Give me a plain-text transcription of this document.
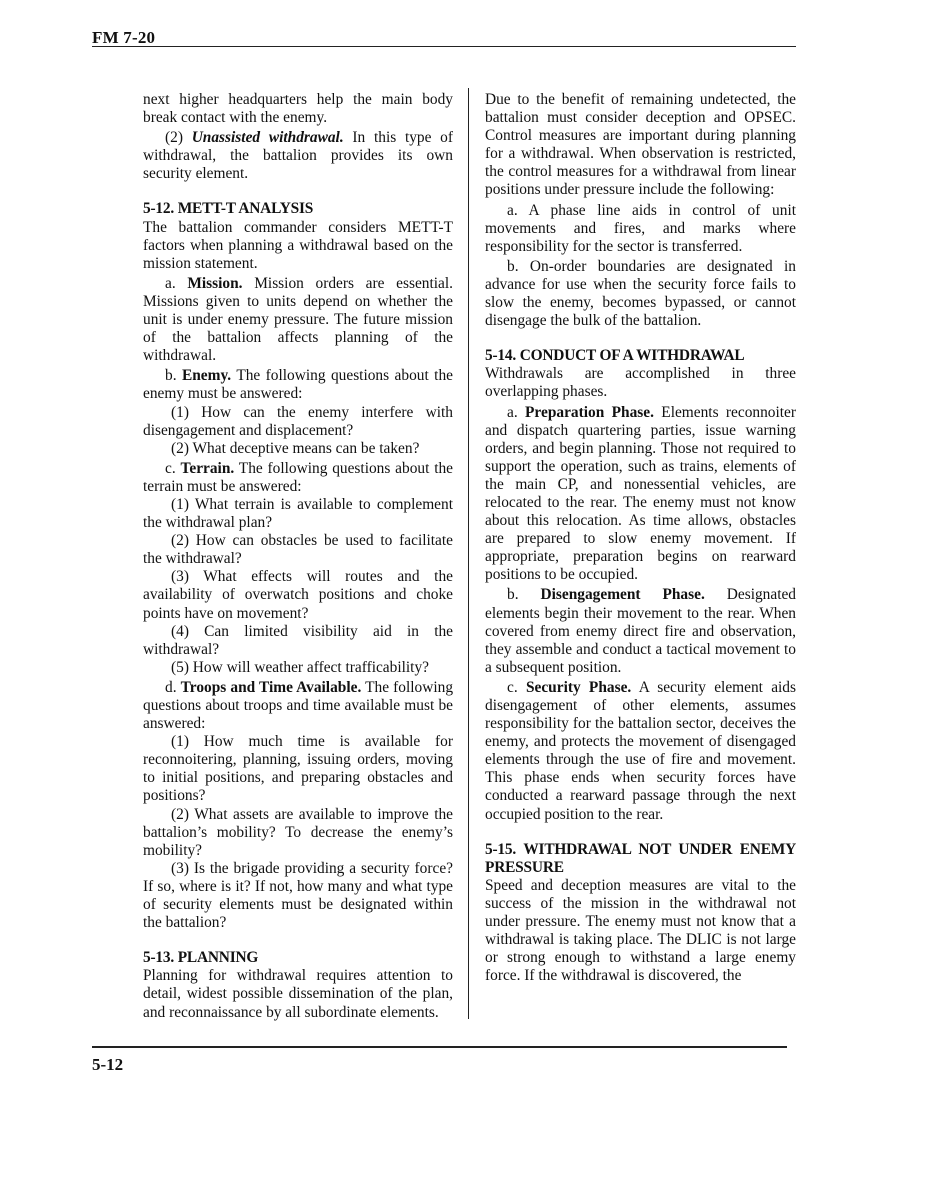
FM 7-20

next higher headquarters help the main body break contact with the enemy.

(2) Unassisted withdrawal. In this type of withdrawal, the battalion provides its own security element.

5-12. METT-T ANALYSIS

The battalion commander considers METT-T factors when planning a withdrawal based on the mission statement.

a. Mission. Mission orders are essential. Missions given to units depend on whether the unit is under enemy pressure. The future mission of the battalion affects planning of the withdrawal.

b. Enemy. The following questions about the enemy must be answered:

(1) How can the enemy interfere with disengagement and displacement?

(2) What deceptive means can be taken?

c. Terrain. The following questions about the terrain must be answered:

(1) What terrain is available to complement the withdrawal plan?

(2) How can obstacles be used to facilitate the withdrawal?

(3) What effects will routes and the availability of overwatch positions and choke points have on movement?

(4) Can limited visibility aid in the withdrawal?

(5) How will weather affect trafficability?

d. Troops and Time Available. The following questions about troops and time available must be answered:

(1) How much time is available for reconnoitering, planning, issuing orders, moving to initial positions, and preparing obstacles and positions?

(2) What assets are available to improve the battalion’s mobility? To decrease the enemy’s mobility?

(3) Is the brigade providing a security force? If so, where is it? If not, how many and what type of security elements must be designated within the battalion?

5-13. PLANNING

Planning for withdrawal requires attention to detail, widest possible dissemination of the plan, and reconnaissance by all subordinate elements.

Due to the benefit of remaining undetected, the battalion must consider deception and OPSEC. Control measures are important during planning for a withdrawal. When observation is restricted, the control measures for a withdrawal from linear positions under pressure include the following:

a. A phase line aids in control of unit movements and fires, and marks where responsibility for the sector is transferred.

b. On-order boundaries are designated in advance for use when the security force fails to slow the enemy, becomes bypassed, or cannot disengage the bulk of the battalion.

5-14. CONDUCT OF A WITHDRAWAL

Withdrawals are accomplished in three overlapping phases.

a. Preparation Phase. Elements reconnoiter and dispatch quartering parties, issue warning orders, and begin planning. Those not required to support the operation, such as trains, elements of the main CP, and nonessential vehicles, are relocated to the rear. The enemy must not know about this relocation. As time allows, obstacles are prepared to slow enemy movement. If appropriate, preparation begins on rearward positions to be occupied.

b. Disengagement Phase. Designated elements begin their movement to the rear. When covered from enemy direct fire and observation, they assemble and conduct a tactical movement to a subsequent position.

c. Security Phase. A security element aids disengagement of other elements, assumes responsibility for the battalion sector, deceives the enemy, and protects the movement of disengaged elements through the use of fire and movement. This phase ends when security forces have conducted a rearward passage through the next occupied position to the rear.

5-15. WITHDRAWAL NOT UNDER ENEMY PRESSURE

Speed and deception measures are vital to the success of the mission in the withdrawal not under pressure. The enemy must not know that a withdrawal is taking place. The DLIC is not large or strong enough to withstand a large enemy force. If the withdrawal is discovered, the

5-12
